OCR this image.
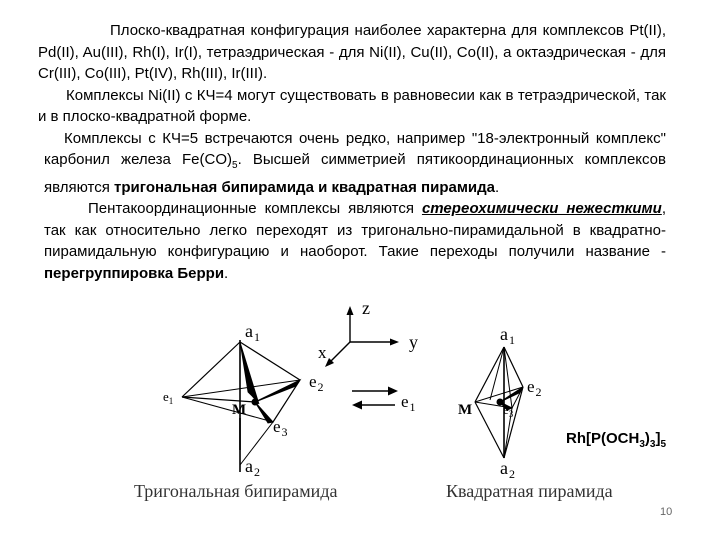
Плоско-квадратная конфигурация наиболее характерна для комплексов Pt(II), Pd(II), Au(III), Rh(I), Ir(I), тетраэдрическая - для Ni(II), Cu(II), Co(II), а октаэдрическая - для Cr(III), Co(III), Pt(IV), Rh(III), Ir(III).

Комплексы Ni(II) с КЧ=4 могут существовать в равновесии как в тетраэдрической, так и в плоско-квадратной форме.

Комплексы с КЧ=5 встречаются очень редко, например "18-электронный комплекс" карбонил железа $Fe(CO)_5$. Высшей симметрией пятикоординационных комплексов являются тригональная бипирамида и квадратная пирамида.

Пентакоординационные комплексы являются стереохимически нежесткими, так как относительно легко переходят из тригонально-пирамидальной в квадратно-пирамидальную конфигурацию и наоборот. Такие переходы получили название - перегруппировка Берри.

$a_1$
$a_2$
$e_1$
$e_2$
$e_3$
M
z
y
x
$e_1$
$a_1$
$a_2$
$e_2$
$e_3$
M
$Rh[P(OCH_3)_3]_5$
Тригональная бипирамида	Квадратная пирамида
10
